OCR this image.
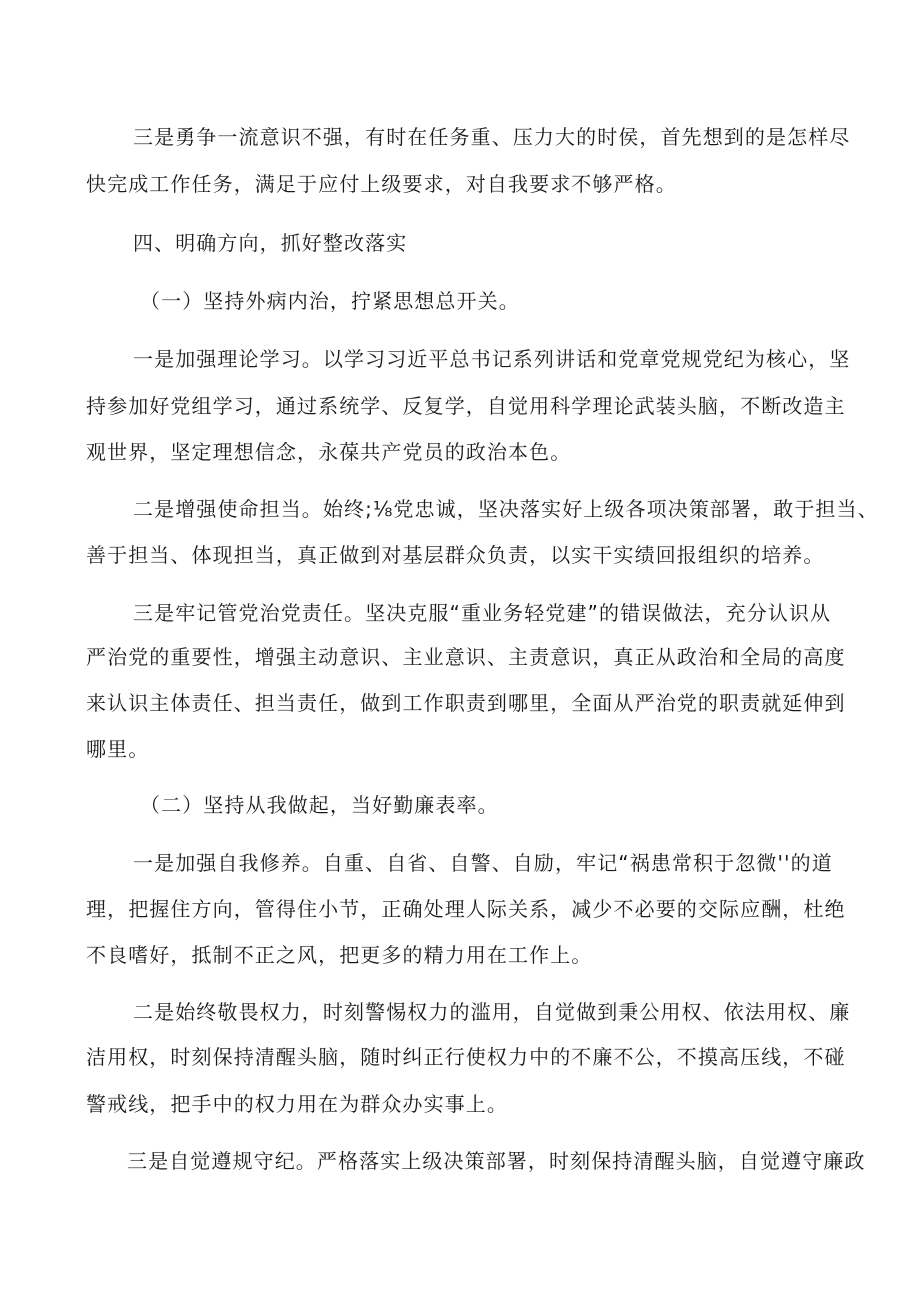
三是勇争一流意识不强，有时在任务重、压力大的时侯，首先想到的是怎样尽
快完成工作任务，满足于应付上级要求，对自我要求不够严格。
四、明确方向，抓好整改落实
（一）坚持外病内治，拧紧思想总开关。
一是加强理论学习。以学习习近平总书记系列讲话和党章党规党纪为核心，坚
持参加好党组学习，通过系统学、反复学，自觉用科学理论武装头脑，不断改造主
观世界，坚定理想信念，永葆共产党员的政治本色。
二是增强使命担当。始终;⅛党忠诚，坚决落实好上级各项决策部署，敢于担当、
善于担当、体现担当，真正做到对基层群众负责，以实干实绩回报组织的培养。
三是牢记管党治党责任。坚决克服“重业务轻党建”的错误做法，充分认识从
严治党的重要性，增强主动意识、主业意识、主责意识，真正从政治和全局的高度
来认识主体责任、担当责任，做到工作职责到哪里，全面从严治党的职责就延伸到
哪里。
（二）坚持从我做起，当好勤廉表率。
一是加强自我修养。自重、自省、自警、自励，牢记“祸患常积于忽微''的道
理，把握住方向，管得住小节，正确处理人际关系，减少不必要的交际应酬，杜绝
不良嗜好，抵制不正之风，把更多的精力用在工作上。
二是始终敬畏权力，时刻警惕权力的滥用，自觉做到秉公用权、依法用权、廉
洁用权，时刻保持清醒头脑，随时纠正行使权力中的不廉不公，不摸高压线，不碰
警戒线，把手中的权力用在为群众办实事上。
三是自觉遵规守纪。严格落实上级决策部署，时刻保持清醒头脑，自觉遵守廉政
